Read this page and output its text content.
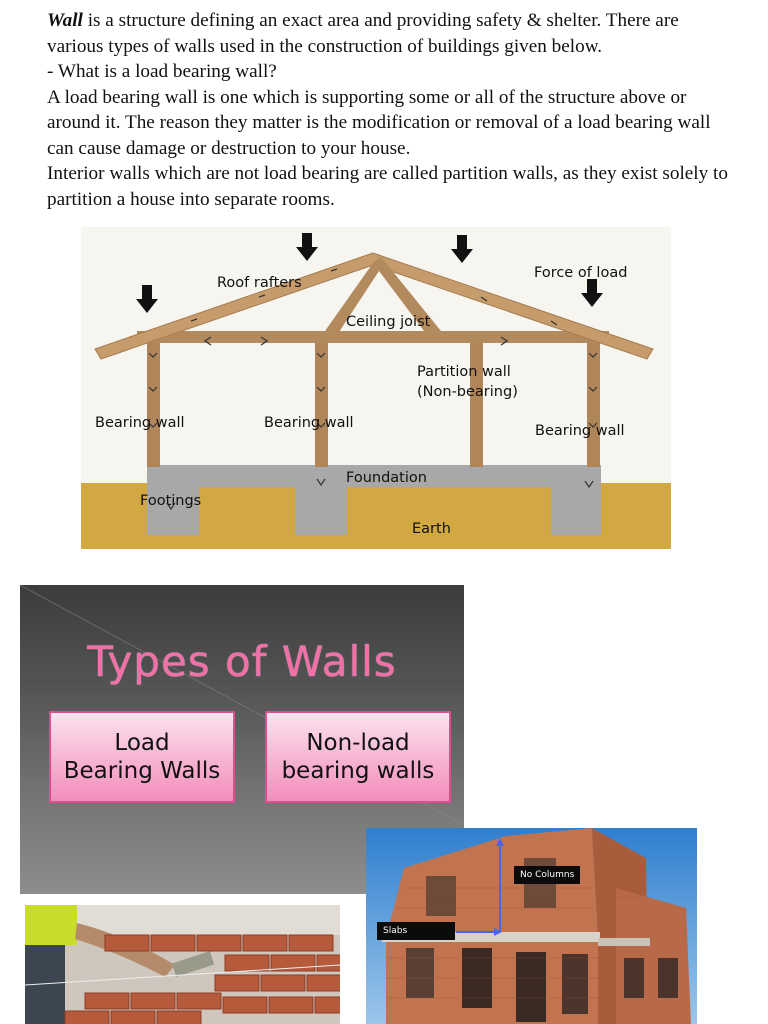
Wall is a structure defining an exact area and providing safety & shelter. There are various types of walls used in the construction of buildings given below.

- What is a load bearing wall?

A load bearing wall is one which is supporting some or all of the structure above or around it. The reason they matter is the modification or removal of a load bearing wall can cause damage or destruction to your house.

Interior walls which are not load bearing are called partition walls, as they exist solely to partition a house into separate rooms.

Roof rafters
Ceiling joist
Force of load
Partition wall
(Non-bearing)
Bearing wall	Bearing wall	Bearing wall
Foundation
Footings
Earth
Types of Walls
Load
Bearing Walls
Non-load
bearing walls
No Columns
Slabs
